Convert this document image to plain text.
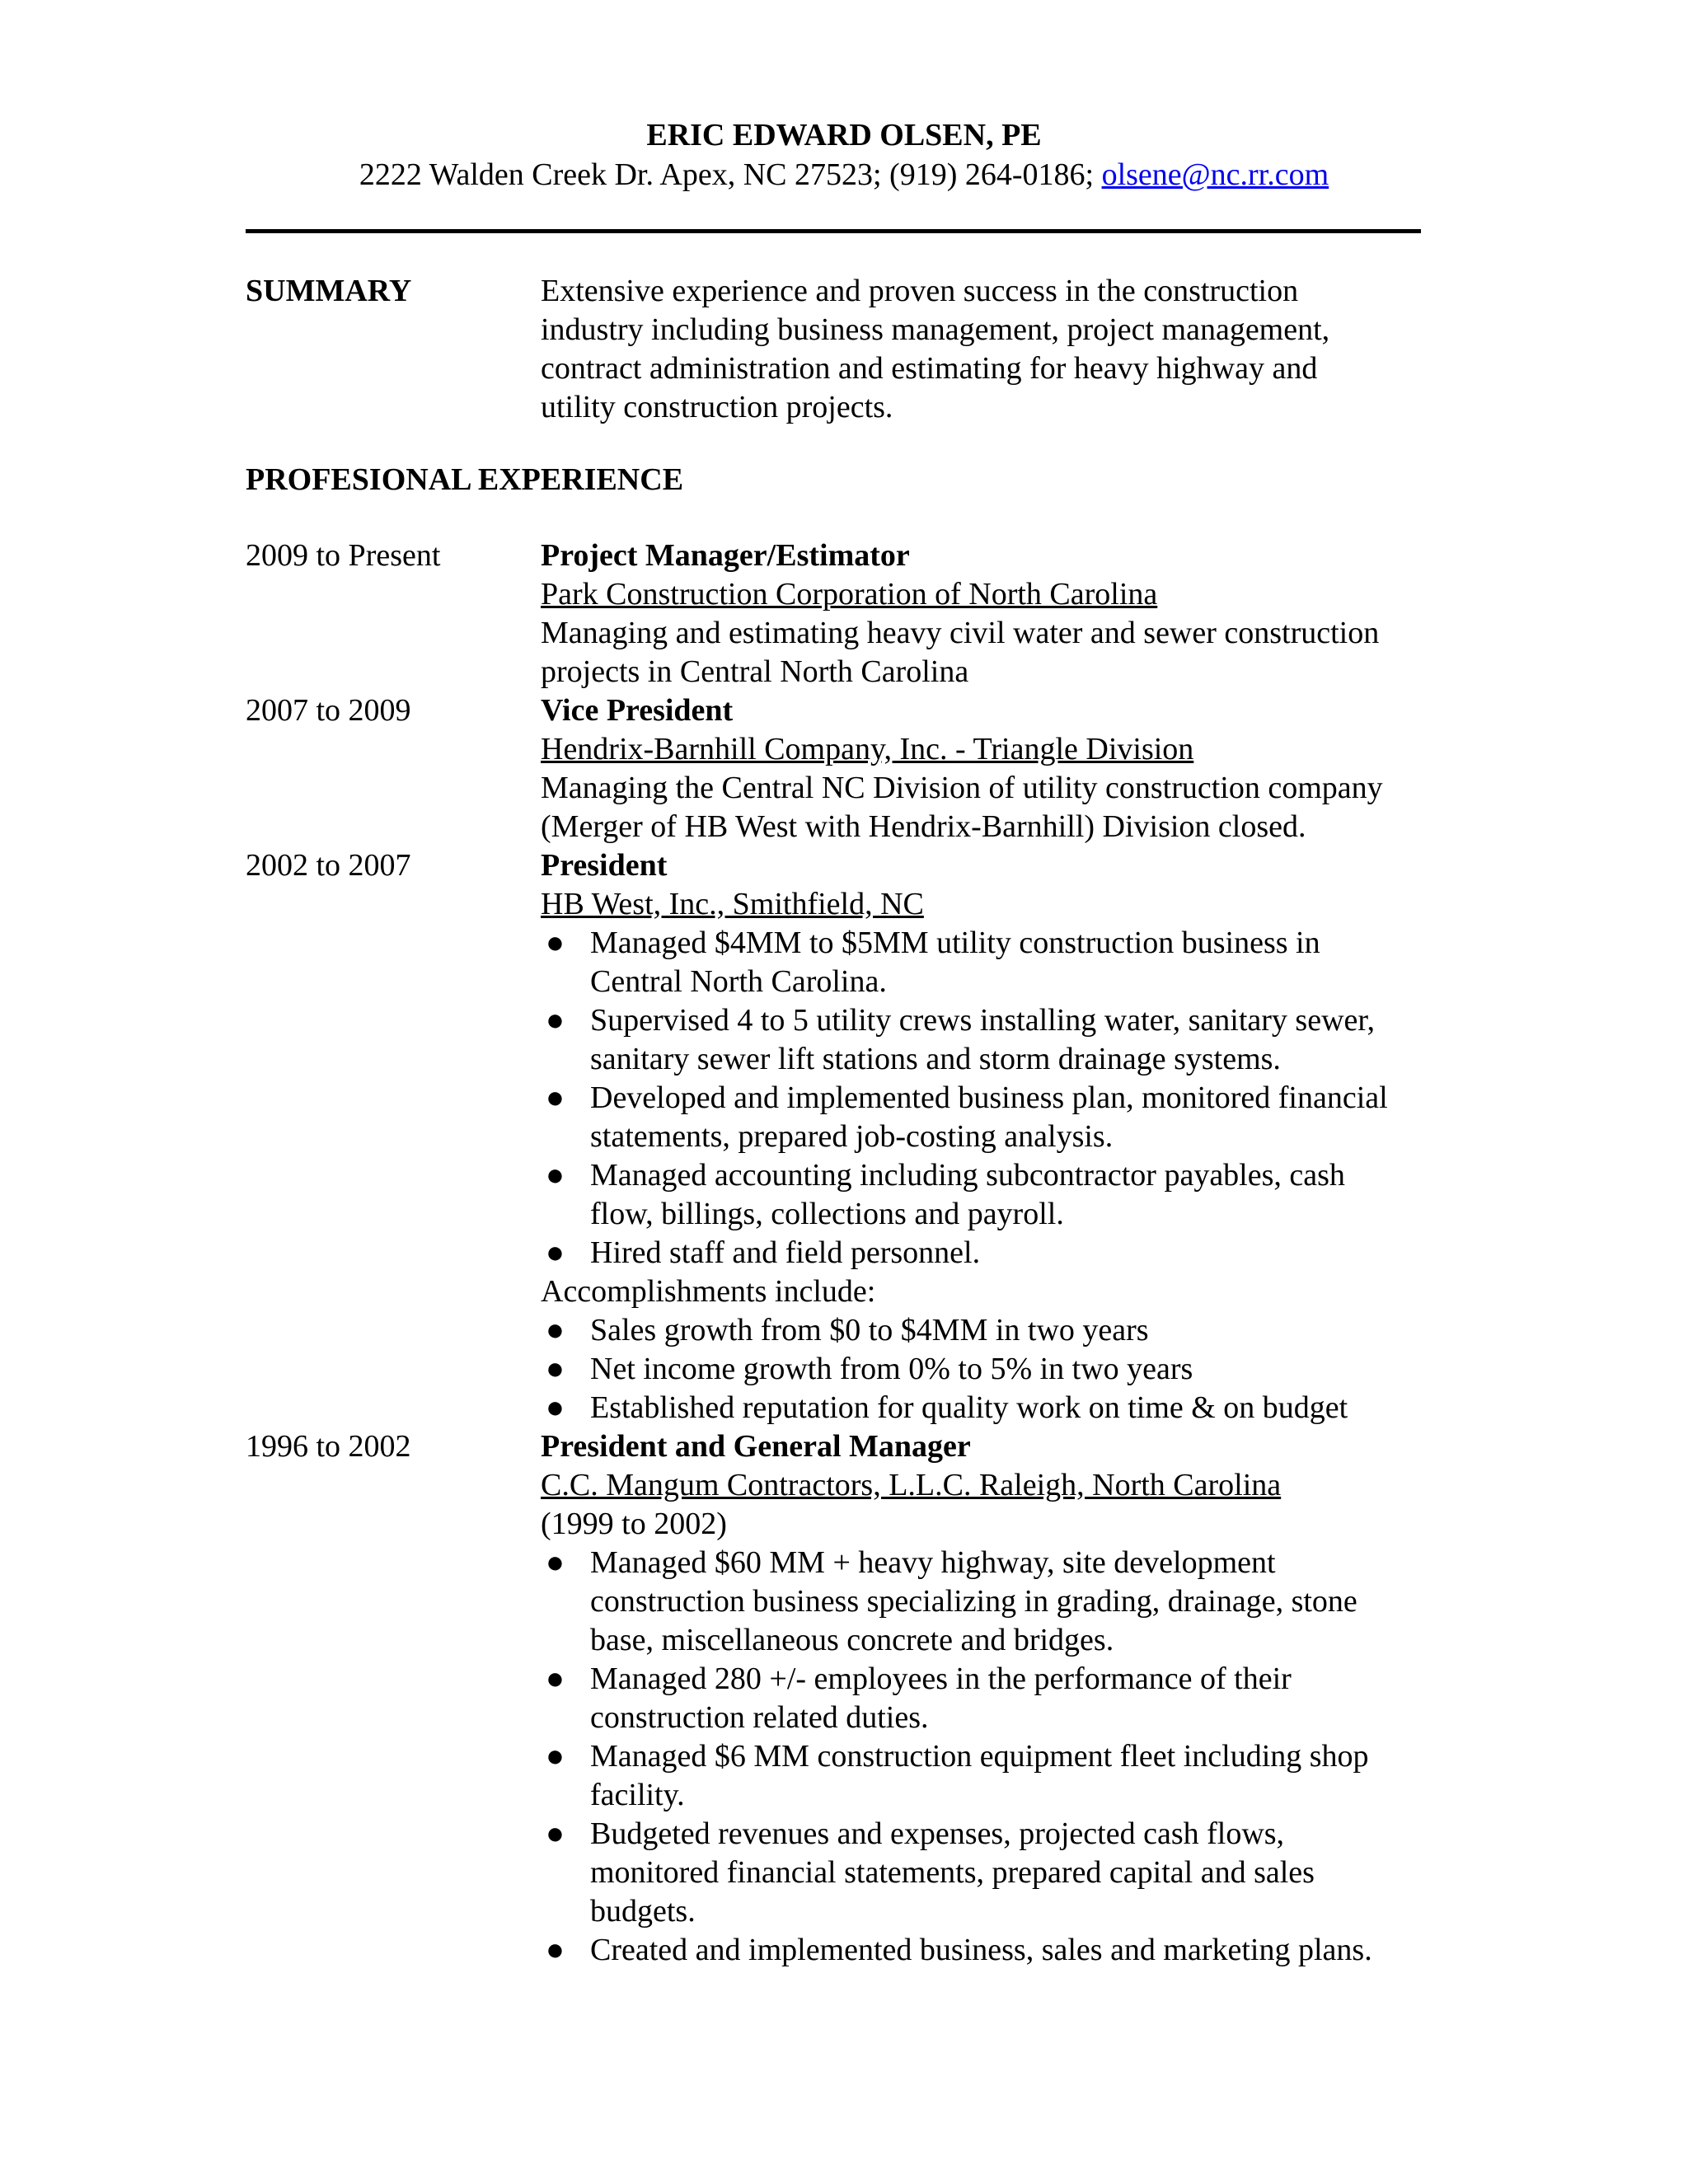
ERIC EDWARD OLSEN, PE
2222 Walden Creek Dr. Apex, NC 27523; (919) 264-0186; olsene@nc.rr.com
SUMMARY	Extensive experience and proven success in the construction
industry including business management, project management,
contract administration and estimating for heavy highway and
utility construction projects.
PROFESIONAL EXPERIENCE
2009 to Present	Project Manager/Estimator
Park Construction Corporation of North Carolina
Managing and estimating heavy civil water and sewer construction
projects in Central North Carolina
2007 to 2009	Vice President
Hendrix-Barnhill Company, Inc. - Triangle Division
Managing the Central NC Division of utility construction company
(Merger of HB West with Hendrix-Barnhill) Division closed.
2002 to 2007	President
HB West, Inc., Smithfield, NC
● Managed $4MM to $5MM utility construction business in
Central North Carolina.
● Supervised 4 to 5 utility crews installing water, sanitary sewer,
sanitary sewer lift stations and storm drainage systems.
● Developed and implemented business plan, monitored financial
statements, prepared job-costing analysis.
● Managed accounting including subcontractor payables, cash
flow, billings, collections and payroll.
● Hired staff and field personnel.
Accomplishments include:
● Sales growth from $0 to $4MM in two years
● Net income growth from 0% to 5% in two years
● Established reputation for quality work on time & on budget
1996 to 2002	President and General Manager
C.C. Mangum Contractors, L.L.C. Raleigh, North Carolina
(1999 to 2002)
● Managed $60 MM + heavy highway, site development
construction business specializing in grading, drainage, stone
base, miscellaneous concrete and bridges.
● Managed 280 +/- employees in the performance of their
construction related duties.
● Managed $6 MM construction equipment fleet including shop
facility.
● Budgeted revenues and expenses, projected cash flows,
monitored financial statements, prepared capital and sales
budgets.
● Created and implemented business, sales and marketing plans.
